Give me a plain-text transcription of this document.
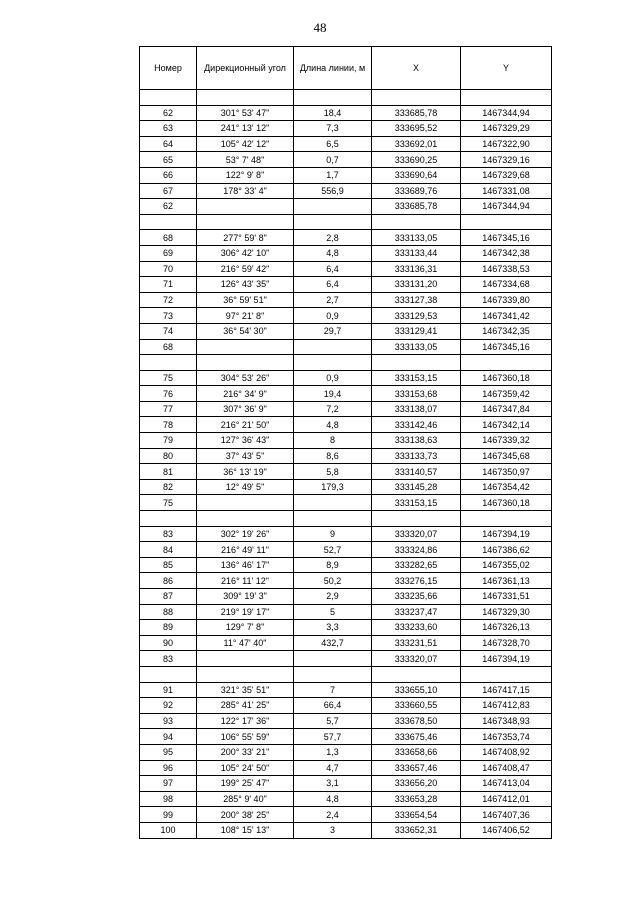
48
Номер	Дирекционный угол	Длина линии, м	X	Y

62	301° 53' 47"	18,4	333685,78	1467344,94
63	241° 13' 12"	7,3	333695,52	1467329,29
64	105° 42' 12"	6,5	333692,01	1467322,90
65	53° 7' 48"	0,7	333690,25	1467329,16
66	122° 9' 8"	1,7	333690,64	1467329,68
67	178° 33' 4"	556,9	333689,76	1467331,08
62			333685,78	1467344,94

68	277° 59' 8"	2,8	333133,05	1467345,16
69	306° 42' 10"	4,8	333133,44	1467342,38
70	216° 59' 42"	6,4	333136,31	1467338,53
71	126° 43' 35"	6,4	333131,20	1467334,68
72	36° 59' 51"	2,7	333127,38	1467339,80
73	97° 21' 8"	0,9	333129,53	1467341,42
74	36° 54' 30"	29,7	333129,41	1467342,35
68			333133,05	1467345,16

75	304° 53' 26"	0,9	333153,15	1467360,18
76	216° 34' 9"	19,4	333153,68	1467359,42
77	307° 36' 9"	7,2	333138,07	1467347,84
78	216° 21' 50"	4,8	333142,46	1467342,14
79	127° 36' 43"	8	333138,63	1467339,32
80	37° 43' 5"	8,6	333133,73	1467345,68
81	36° 13' 19"	5,8	333140,57	1467350,97
82	12° 49' 5"	179,3	333145,28	1467354,42
75			333153,15	1467360,18

83	302° 19' 26"	9	333320,07	1467394,19
84	216° 49' 11"	52,7	333324,86	1467386,62
85	136° 46' 17"	8,9	333282,65	1467355,02
86	216° 11' 12"	50,2	333276,15	1467361,13
87	309° 19' 3"	2,9	333235,66	1467331,51
88	219° 19' 17"	5	333237,47	1467329,30
89	129° 7' 8"	3,3	333233,60	1467326,13
90	11° 47' 40"	432,7	333231,51	1467328,70
83			333320,07	1467394,19

91	321° 35' 51"	7	333655,10	1467417,15
92	285° 41' 25"	66,4	333660,55	1467412,83
93	122° 17' 36"	5,7	333678,50	1467348,93
94	106° 55' 59"	57,7	333675,46	1467353,74
95	200° 33' 21"	1,3	333658,66	1467408,92
96	105° 24' 50"	4,7	333657,46	1467408,47
97	199° 25' 47"	3,1	333656,20	1467413,04
98	285° 9' 40"	4,8	333653,28	1467412,01
99	200° 38' 25"	2,4	333654,54	1467407,36
100	108° 15' 13"	3	333652,31	1467406,52
